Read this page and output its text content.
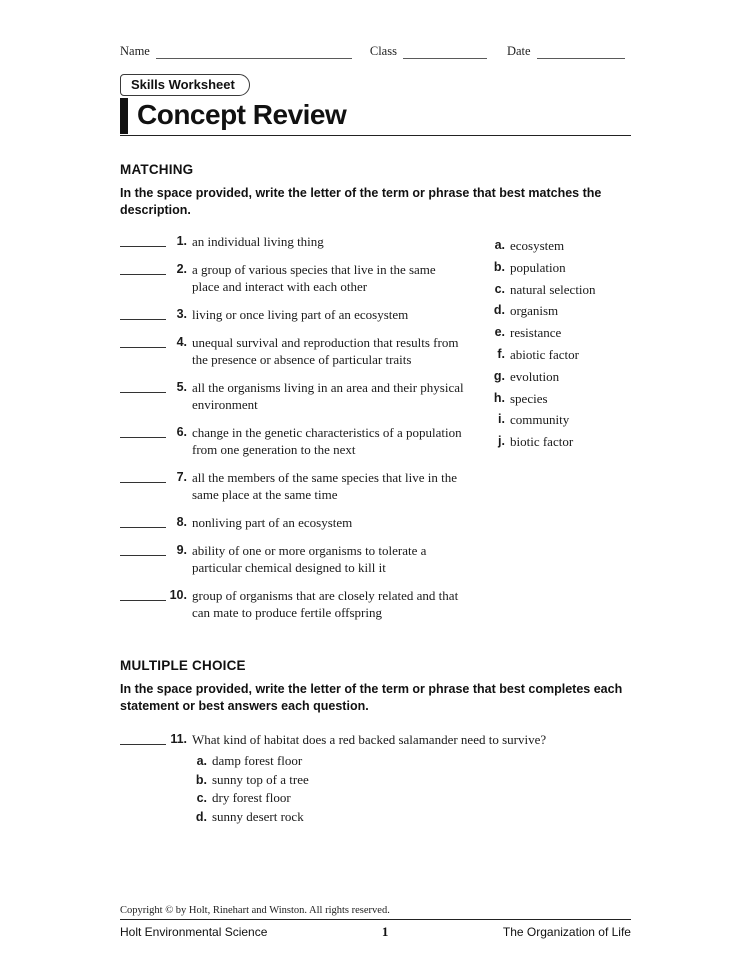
Name	Class	Date
Skills Worksheet
Concept Review
MATCHING
In the space provided, write the letter of the term or phrase that best matches the description.
1. an individual living thing
2. a group of various species that live in the same place and interact with each other
3. living or once living part of an ecosystem
4. unequal survival and reproduction that results from the presence or absence of particular traits
5. all the organisms living in an area and their physical environment
6. change in the genetic characteristics of a population from one generation to the next
7. all the members of the same species that live in the same place at the same time
8. nonliving part of an ecosystem
9. ability of one or more organisms to tolerate a particular chemical designed to kill it
10. group of organisms that are closely related and that can mate to produce fertile offspring
a. ecosystem
b. population
c. natural selection
d. organism
e. resistance
f. abiotic factor
g. evolution
h. species
i. community
j. biotic factor
MULTIPLE CHOICE
In the space provided, write the letter of the term or phrase that best completes each statement or best answers each question.
11. What kind of habitat does a red backed salamander need to survive?
a. damp forest floor
b. sunny top of a tree
c. dry forest floor
d. sunny desert rock
Copyright © by Holt, Rinehart and Winston. All rights reserved.
Holt Environmental Science	1	The Organization of Life
